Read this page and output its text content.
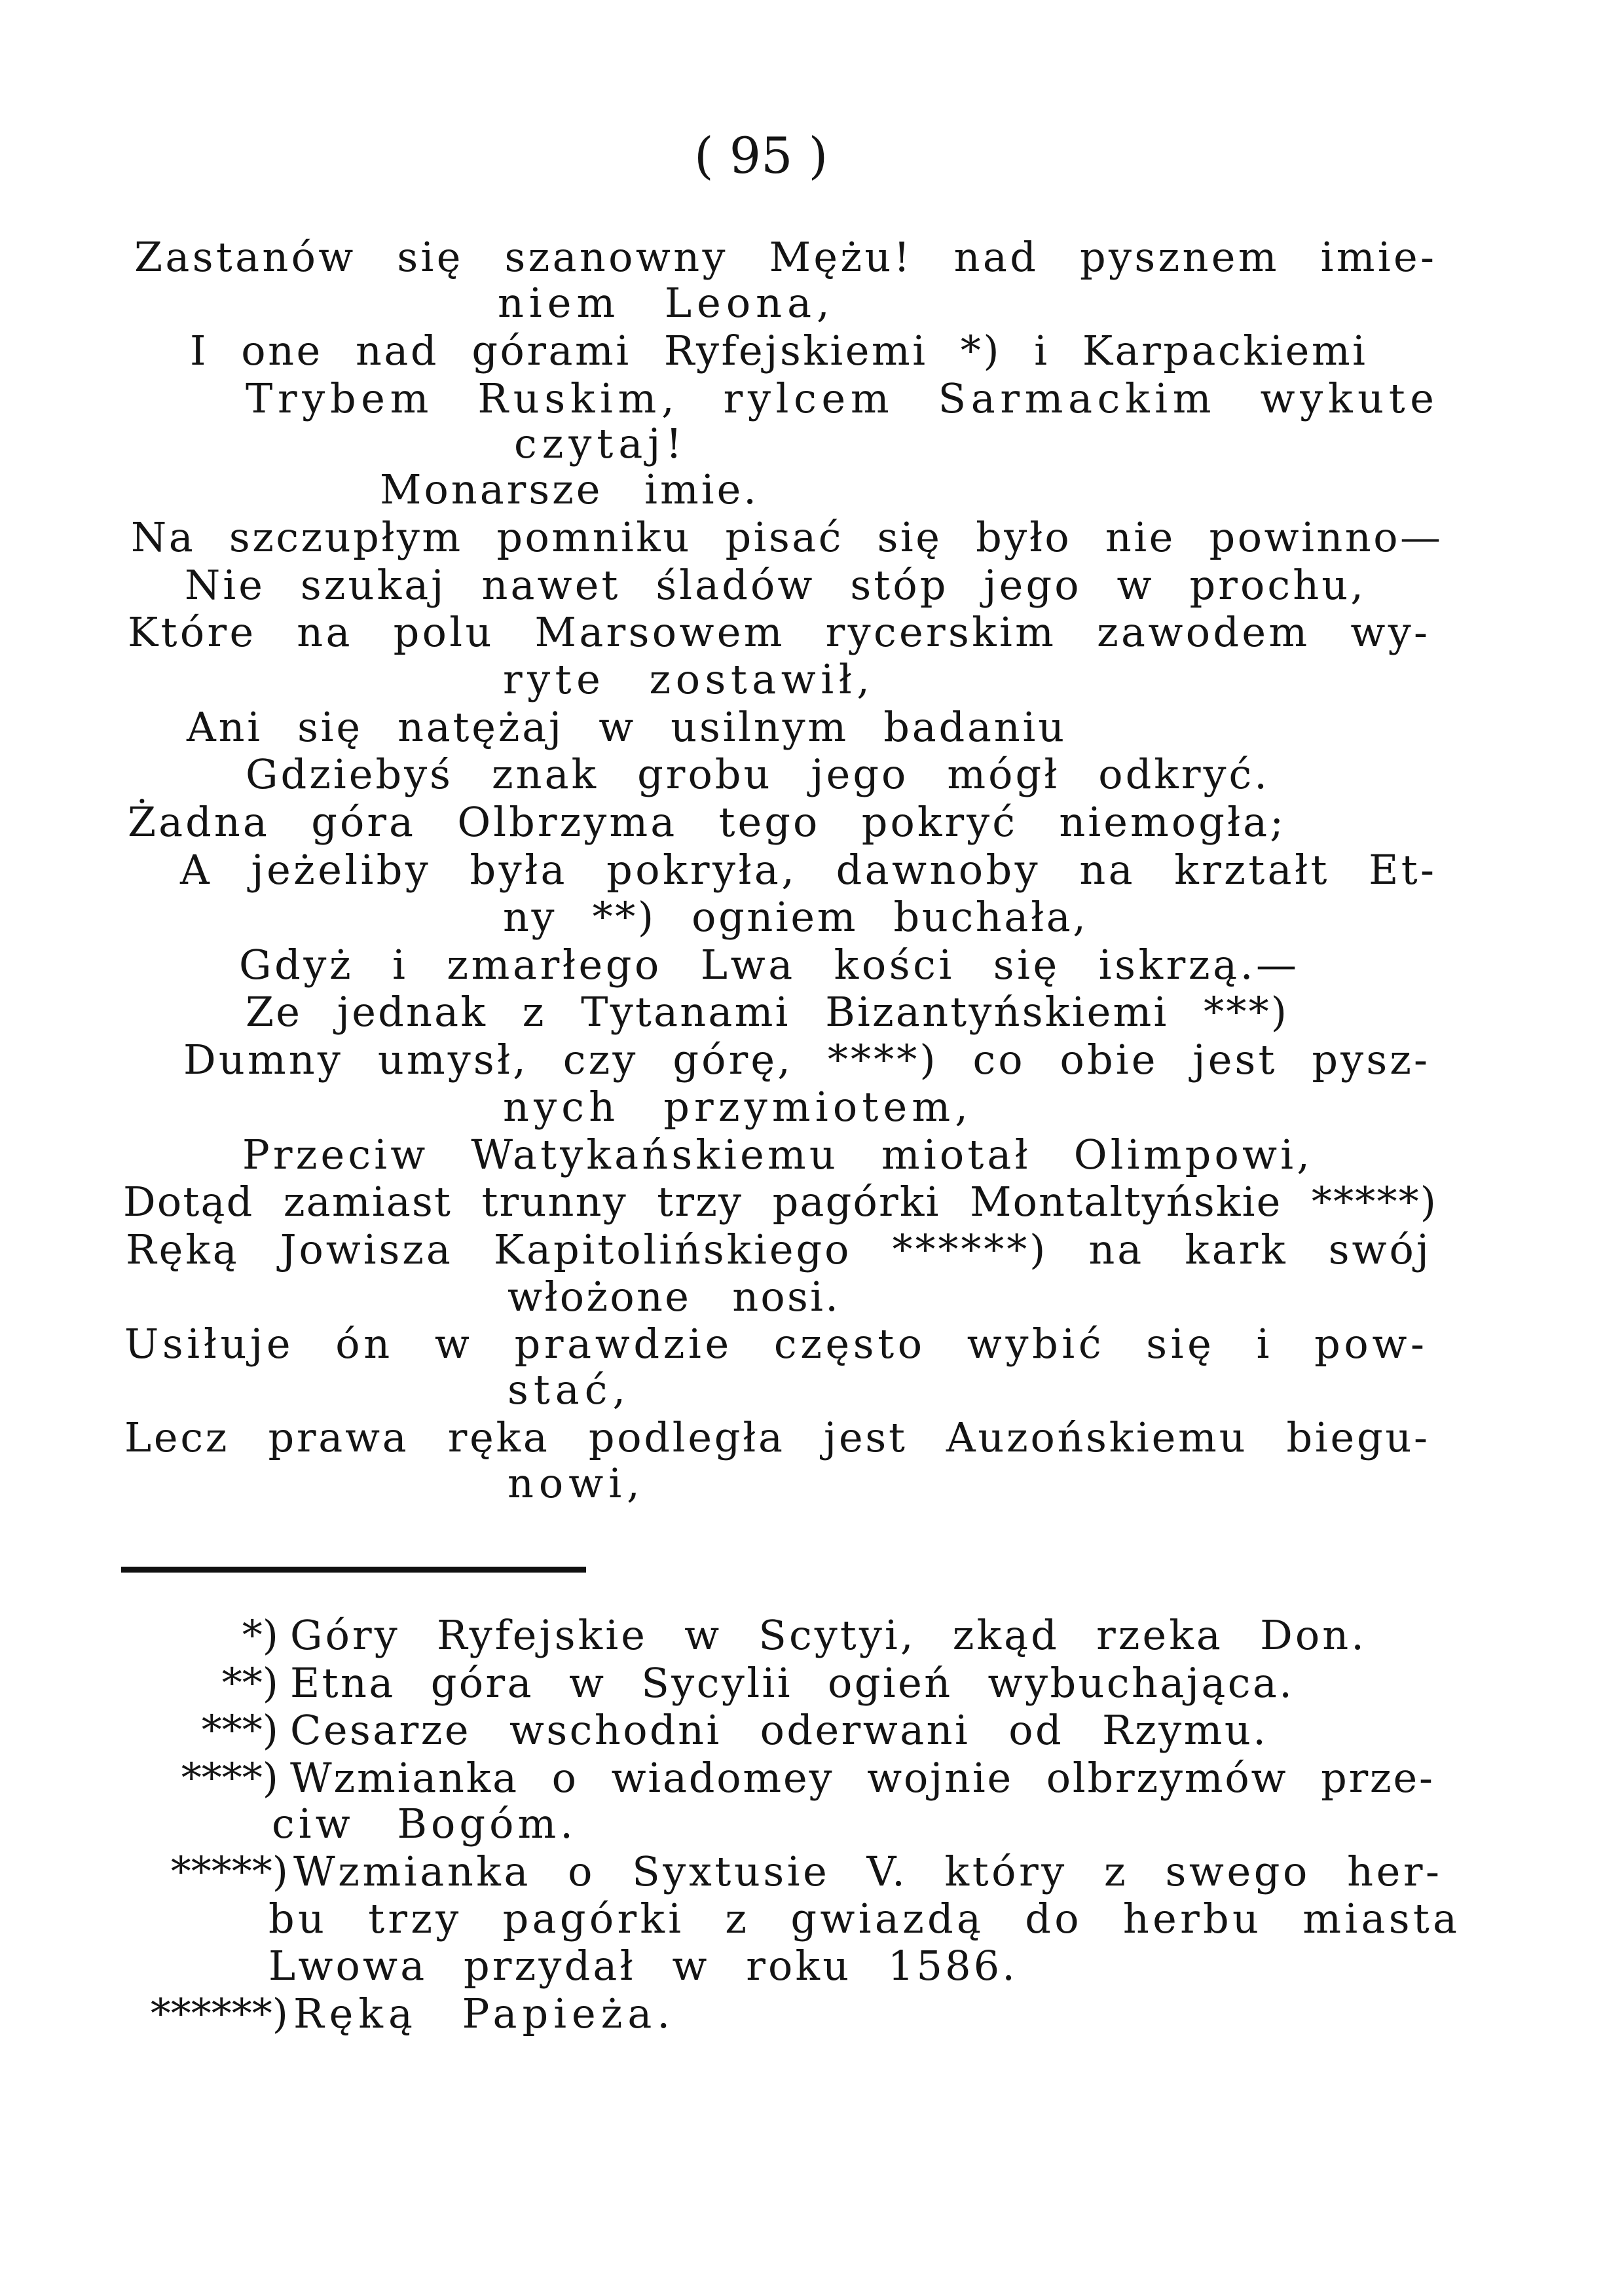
( 95 )
Zastanów się szanowny Mężu! nad pysznem imie-
niem Leona,
I one nad górami Ryfejskiemi *) i Karpackiemi
Trybem Ruskim, rylcem Sarmackim wykute
czytaj!
Monarsze imie.
Na szczupłym pomniku pisać się było nie powinno—
Nie szukaj nawet śladów stóp jego w prochu,
Które na polu Marsowem rycerskim zawodem wy-
ryte zostawił,
Ani się natężaj w usilnym badaniu
Gdziebyś znak grobu jego mógł odkryć.
Żadna góra Olbrzyma tego pokryć niemogła;
A jeżeliby była pokryła, dawnoby na krztałt Et-
ny **) ogniem buchała,
Gdyż i zmarłego Lwa kości się iskrzą.—
Ze jednak z Tytanami Bizantyńskiemi ***)
Dumny umysł, czy górę, ****) co obie jest pysz-
nych przymiotem,
Przeciw Watykańskiemu miotał Olimpowi,
Dotąd zamiast trunny trzy pagórki Montaltyńskie *****)
Ręką Jowisza Kapitolińskiego ******) na kark swój
włożone nosi.
Usiłuje ón w prawdzie często wybić się i pow-
stać,
Lecz prawa ręka podległa jest Auzońskiemu biegu-
nowi,
*) Góry Ryfejskie w Scytyi, zkąd rzeka Don.
**) Etna góra w Sycylii ogień wybuchająca.
***) Cesarze wschodni oderwani od Rzymu.
****) Wzmianka o wiadomey wojnie olbrzymów prze-
ciw Bogóm.
*****) Wzmianka o Syxtusie V. który z swego her-
bu trzy pagórki z gwiazdą do herbu miasta
Lwowa przydał w roku 1586.
******) Ręką Papieża.
